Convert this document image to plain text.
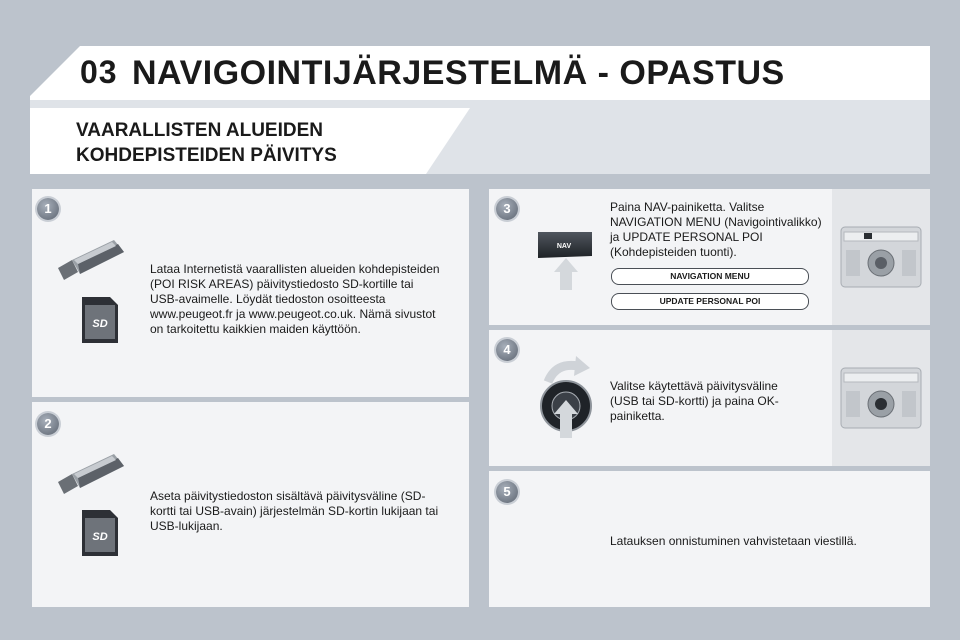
03 NAVIGOINTIJÄRJESTELMÄ - OPASTUS
VAARALLISTEN ALUEIDEN
KOHDEPISTEIDEN PÄIVITYS
1
SD
Lataa Internetistä vaarallisten alueiden kohdepisteiden
(POI RISK AREAS) päivitystiedosto SD-kortille tai
USB-avaimelle. Löydät tiedoston osoitteesta
www.peugeot.fr ja www.peugeot.co.uk. Nämä sivustot
on tarkoitettu kaikkien maiden käyttöön.
2
SD
Aseta päivitystiedoston sisältävä päivitysväline (SD-
kortti tai USB-avain) järjestelmän SD-kortin lukijaan tai
USB-lukijaan.
3
NAV
Paina NAV-painiketta. Valitse
NAVIGATION MENU (Navigointivalikko)
ja UPDATE PERSONAL POI
(Kohdepisteiden tuonti).
NAVIGATION MENU
UPDATE PERSONAL POI
4
Valitse käytettävä päivitysväline
(USB tai SD-kortti) ja paina OK-
painiketta.
5
Latauksen onnistuminen vahvistetaan viestillä.
